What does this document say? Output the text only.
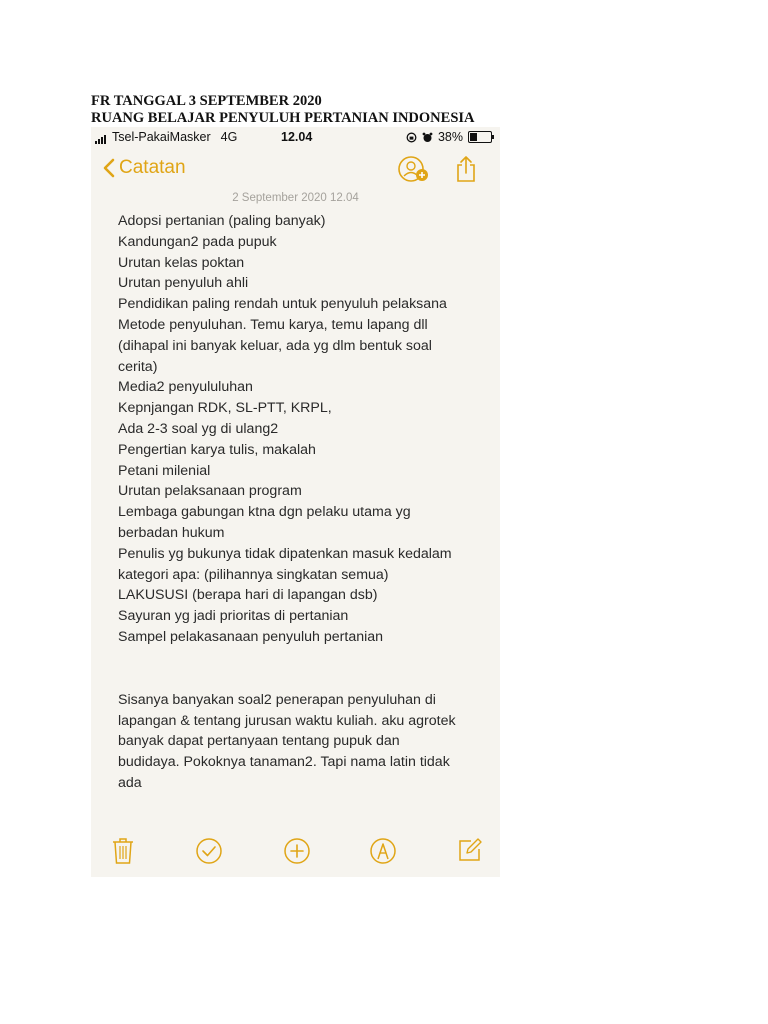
FR TANGGAL 3 SEPTEMBER 2020
RUANG BELAJAR PENYULUH PERTANIAN INDONESIA
Tsel-PakaiMasker 4G	12.04	38%
Catatan
2 September 2020 12.04
Adopsi pertanian (paling banyak)
Kandungan2 pada pupuk
Urutan kelas poktan
Urutan penyuluh ahli
Pendidikan paling rendah untuk penyuluh pelaksana
Metode penyuluhan. Temu karya, temu lapang dll
(dihapal ini banyak keluar, ada yg dlm bentuk soal
cerita)
Media2 penyululuhan
Kepnjangan RDK, SL-PTT, KRPL,
Ada 2-3 soal yg di ulang2
Pengertian karya tulis, makalah
Petani milenial
Urutan pelaksanaan program
Lembaga gabungan ktna dgn pelaku utama yg
berbadan hukum
Penulis yg bukunya tidak dipatenkan masuk kedalam
kategori apa: (pilihannya singkatan semua)
LAKUSUSI (berapa hari di lapangan dsb)
Sayuran yg jadi prioritas di pertanian
Sampel pelakasanaan penyuluh pertanian
Sisanya banyakan soal2 penerapan penyuluhan di
lapangan & tentang jurusan waktu kuliah. aku agrotek
banyak dapat pertanyaan tentang pupuk dan
budidaya. Pokoknya tanaman2. Tapi nama latin tidak
ada
